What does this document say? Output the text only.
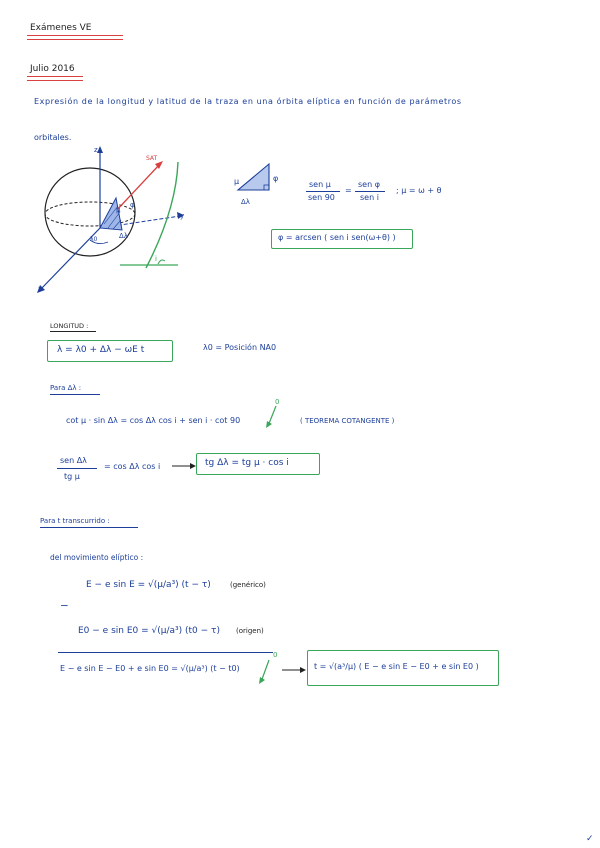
Exámenes VE
Julio 2016
Expresión de la longitud y latitud de la traza en una órbita elíptica en función de parámetros
orbitales.
SAT
z
y
x
μ
φ
Δλ
λ0
i
μ	φ
Δλ
sen μ
sen 90
=
sen φ
sen i
; μ = ω + θ
φ = arcsen ( sen i sen(ω+θ) )
LONGITUD :
λ = λ0 + Δλ − ωE t	λ0 = Posición NA0
Para Δλ :
cot μ · sin Δλ = cos Δλ cos i + sen i · cot 90
0
( TEOREMA COTANGENTE )
sen Δλ
tg μ
= cos Δλ cos i	tg Δλ = tg μ · cos i
Para t transcurrido :
del movimiento elíptico :
E − e sin E = √(μ/a³) (t − τ)	(genérico)
−
E0 − e sin E0 = √(μ/a³) (t0 − τ) (origen)
E − e sin E − E0 + e sin E0 = √(μ/a³) (t − t0)
0
t = √(a³/μ) ( E − e sin E − E0 + e sin E0 )
✓
